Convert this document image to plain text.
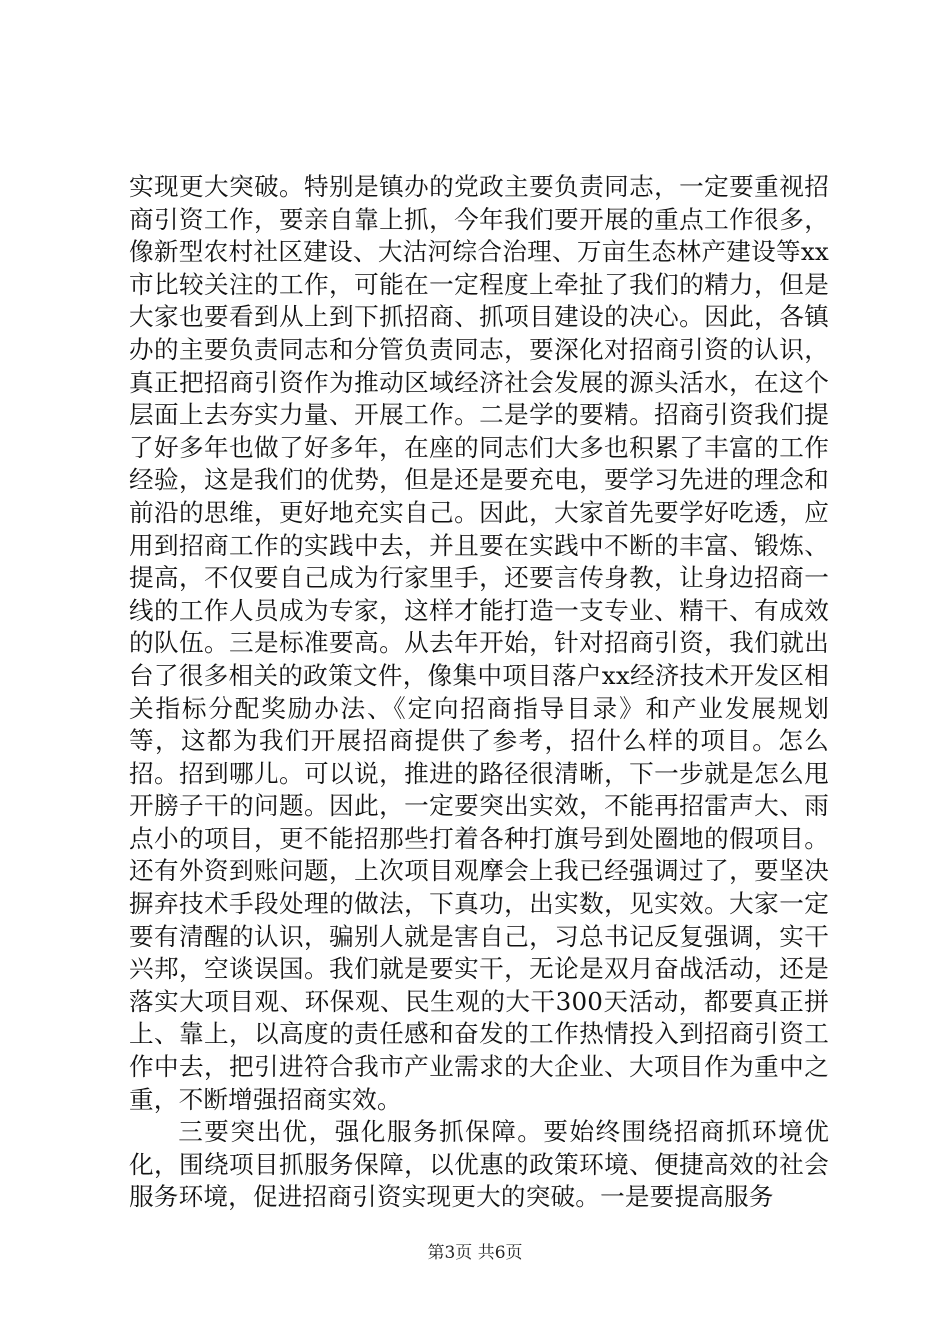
实现更大突破。特别是镇办的党政主要负责同志，一定要重视招商引资工作，要亲自靠上抓，今年我们要开展的重点工作很多，像新型农村社区建设、大沽河综合治理、万亩生态林产建设等xx市比较关注的工作，可能在一定程度上牵扯了我们的精力，但是大家也要看到从上到下抓招商、抓项目建设的决心。因此，各镇办的主要负责同志和分管负责同志，要深化对招商引资的认识，真正把招商引资作为推动区域经济社会发展的源头活水，在这个层面上去夯实力量、开展工作。二是学的要精。招商引资我们提了好多年也做了好多年，在座的同志们大多也积累了丰富的工作经验，这是我们的优势，但是还是要充电，要学习先进的理念和前沿的思维，更好地充实自己。因此，大家首先要学好吃透，应用到招商工作的实践中去，并且要在实践中不断的丰富、锻炼、提高，不仅要自己成为行家里手，还要言传身教，让身边招商一线的工作人员成为专家，这样才能打造一支专业、精干、有成效的队伍。三是标准要高。从去年开始，针对招商引资，我们就出台了很多相关的政策文件，像集中项目落户xx经济技术开发区相关指标分配奖励办法、《定向招商指导目录》和产业发展规划等，这都为我们开展招商提供了参考，招什么样的项目。怎么招。招到哪儿。可以说，推进的路径很清晰，下一步就是怎么甩开膀子干的问题。因此，一定要突出实效，不能再招雷声大、雨点小的项目，更不能招那些打着各种打旗号到处圈地的假项目。还有外资到账问题，上次项目观摩会上我已经强调过了，要坚决摒弃技术手段处理的做法，下真功，出实数，见实效。大家一定要有清醒的认识，骗别人就是害自己，习总书记反复强调，实干兴邦，空谈误国。我们就是要实干，无论是双月奋战活动，还是落实大项目观、环保观、民生观的大干300天活动，都要真正拼上、靠上，以高度的责任感和奋发的工作热情投入到招商引资工作中去，把引进符合我市产业需求的大企业、大项目作为重中之重，不断增强招商实效。

三要突出优，强化服务抓保障。要始终围绕招商抓环境优化，围绕项目抓服务保障，以优惠的政策环境、便捷高效的社会服务环境，促进招商引资实现更大的突破。一是要提高服务

第3页 共6页
